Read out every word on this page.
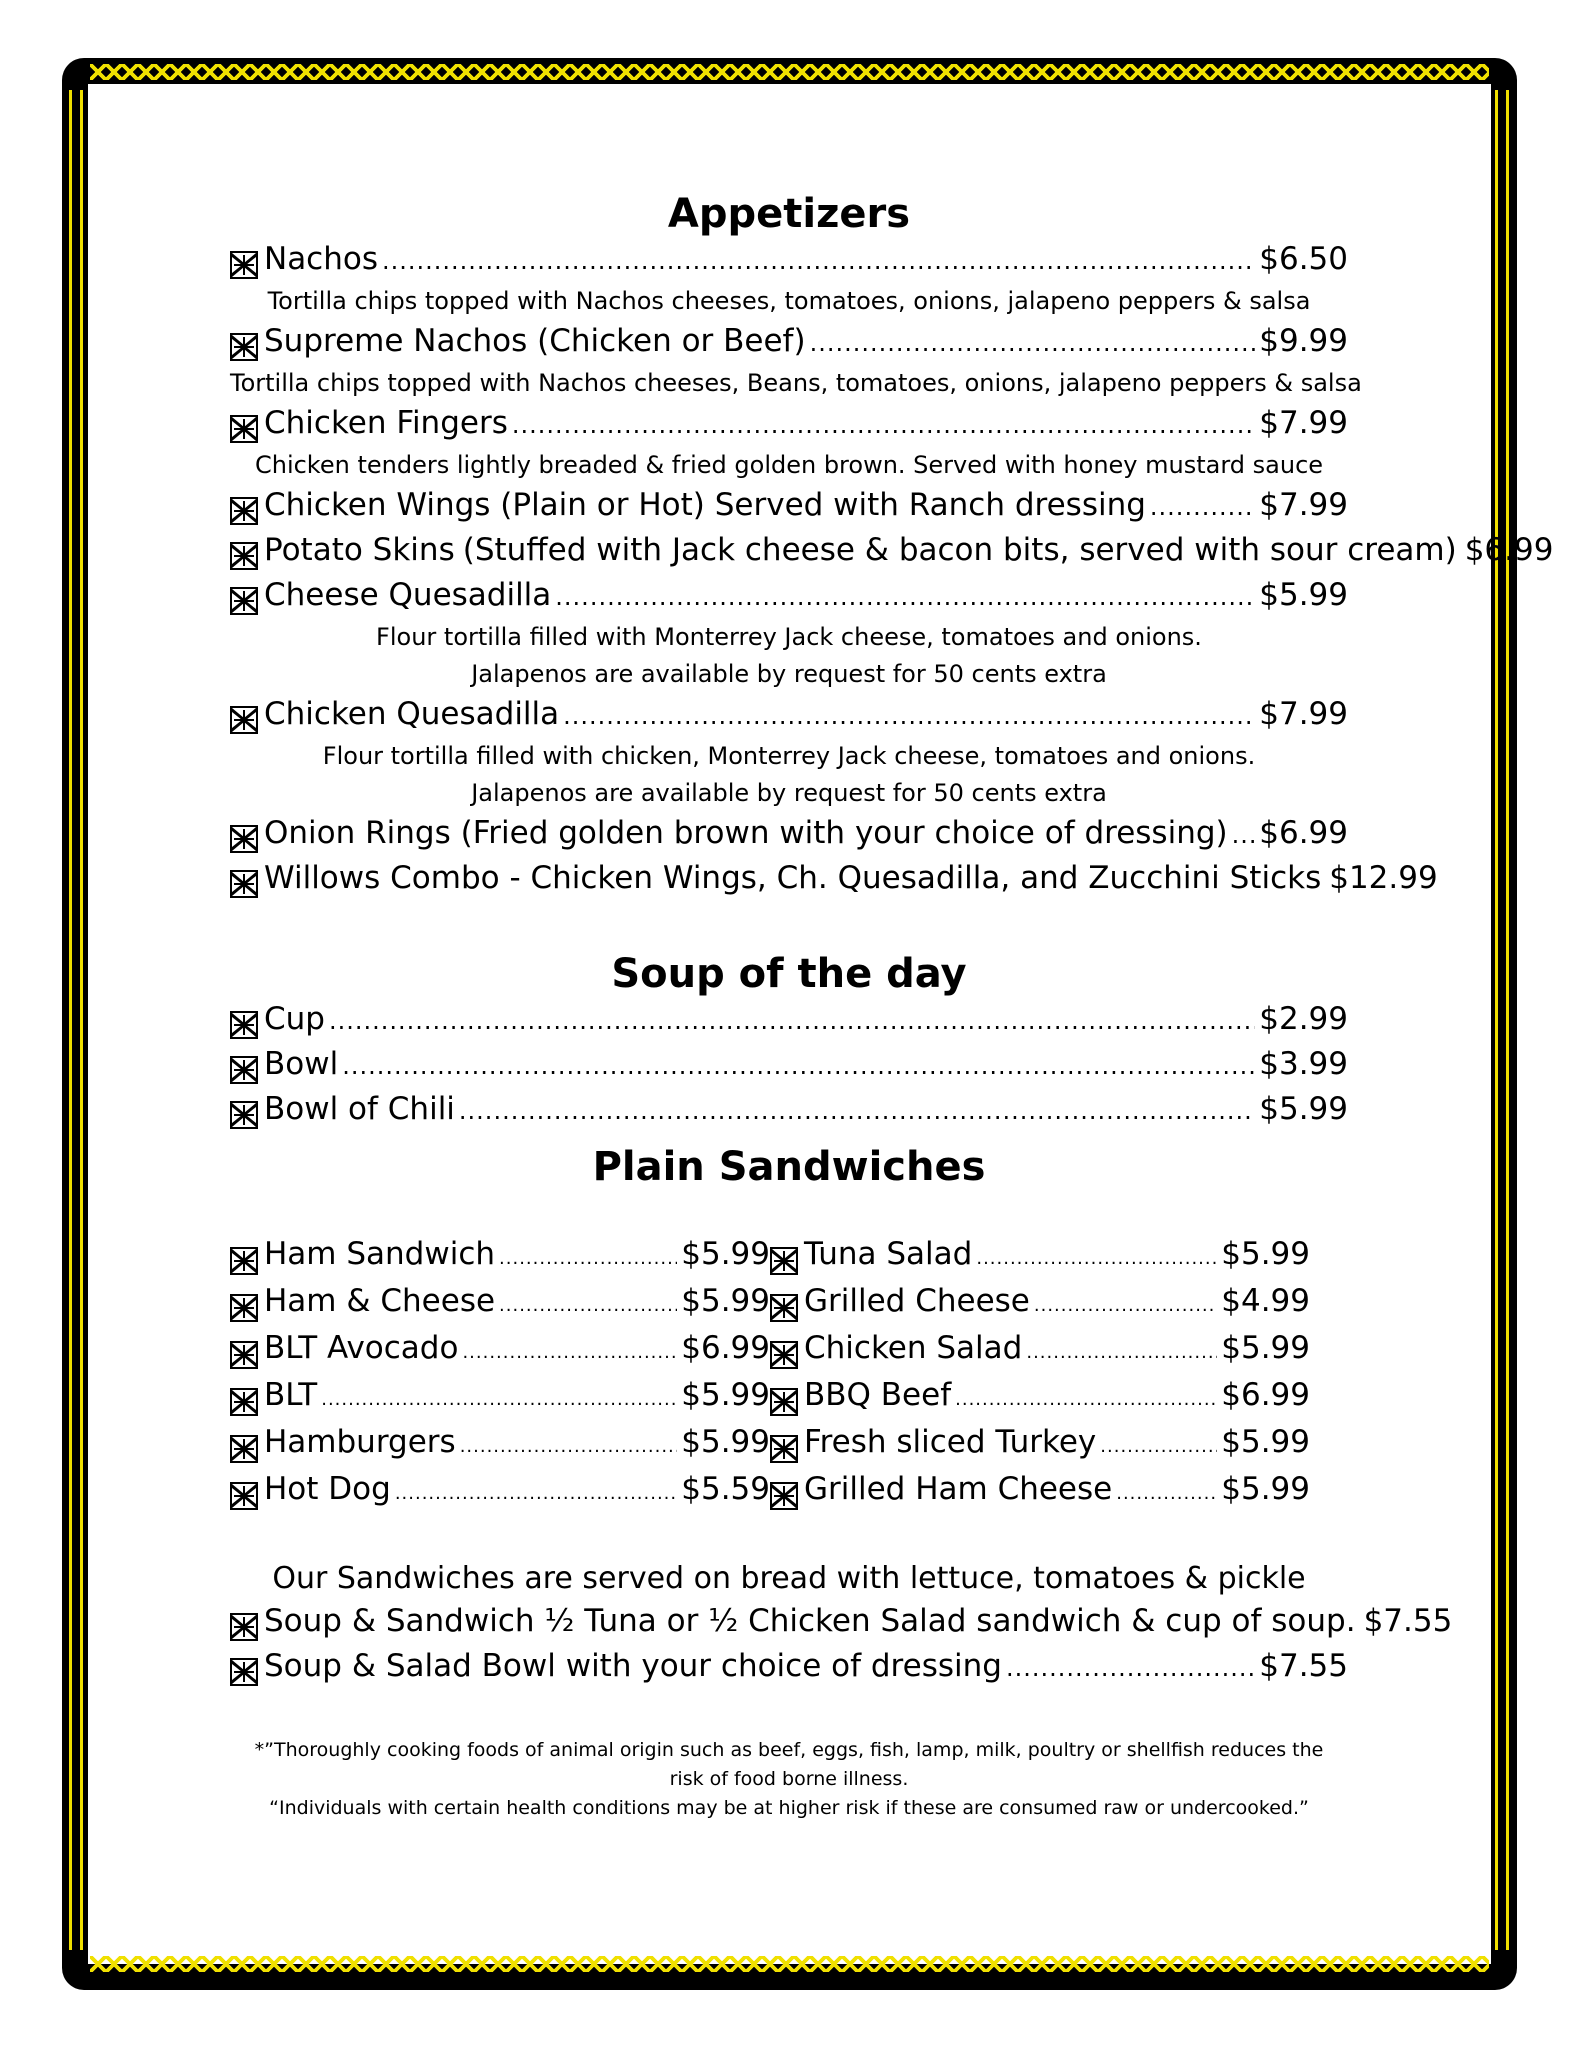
Appetizers
Nachos .....	$6.50
Tortilla chips topped with Nachos cheeses, tomatoes, onions, jalapeno peppers & salsa
Supreme Nachos (Chicken or Beef) .....	$9.99
Tortilla chips topped with Nachos cheeses, Beans, tomatoes, onions, jalapeno peppers & salsa
Chicken Fingers .....	$7.99
Chicken tenders lightly breaded & fried golden brown. Served with honey mustard sauce
Chicken Wings (Plain or Hot) Served with Ranch dressing .....	$7.99
Potato Skins (Stuffed with Jack cheese & bacon bits, served with sour cream) $6.99
Cheese Quesadilla .....	$5.99
Flour tortilla filled with Monterrey Jack cheese, tomatoes and onions.
Jalapenos are available by request for 50 cents extra
Chicken Quesadilla .....	$7.99
Flour tortilla filled with chicken, Monterrey Jack cheese, tomatoes and onions.
Jalapenos are available by request for 50 cents extra
Onion Rings (Fried golden brown with your choice of dressing) ..... $6.99
Willows Combo - Chicken Wings, Ch. Quesadilla, and Zucchini Sticks $12.99
Soup of the day
Cup .....	$2.99
Bowl .....	$3.99
Bowl of Chili .....	$5.99
Plain Sandwiches
Ham Sandwich .....	$5.99
Ham & Cheese .....	$5.99
BLT Avocado .....	$6.99
BLT .....	$5.99
Hamburgers .....	$5.99
Hot Dog .....	$5.59
Tuna Salad .....	$5.99
Grilled Cheese .....	$4.99
Chicken Salad .....	$5.99
BBQ Beef .....	$6.99
Fresh sliced Turkey .....	$5.99
Grilled Ham Cheese .....	$5.99
Our Sandwiches are served on bread with lettuce, tomatoes & pickle
Soup & Sandwich ½ Tuna or ½ Chicken Salad sandwich & cup of soup. $7.55
Soup & Salad Bowl with your choice of dressing .....	$7.55
*”Thoroughly cooking foods of animal origin such as beef, eggs, fish, lamp, milk, poultry or shellfish reduces the
risk of food borne illness.
“Individuals with certain health conditions may be at higher risk if these are consumed raw or undercooked.”
